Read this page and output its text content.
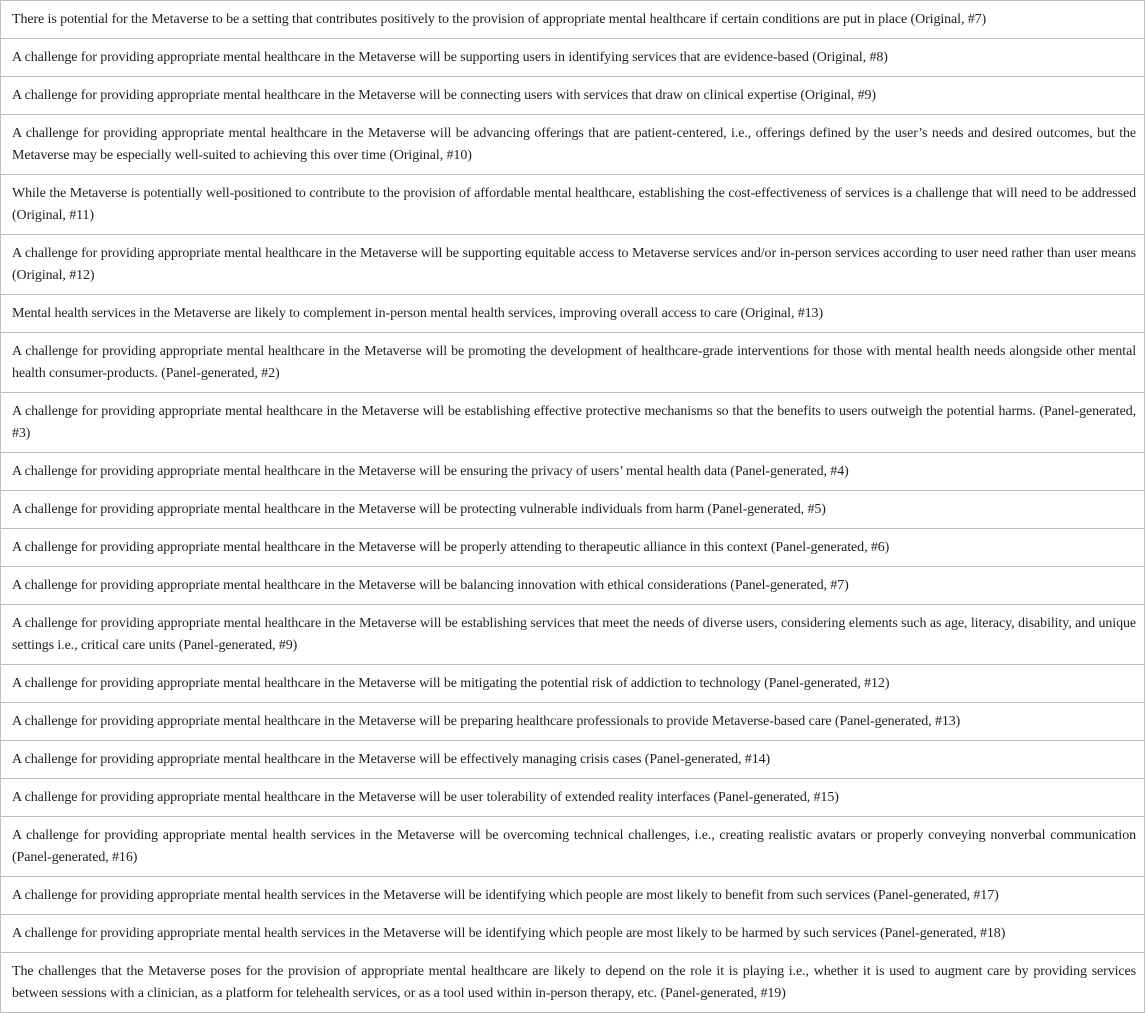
There is potential for the Metaverse to be a setting that contributes positively to the provision of appropriate mental healthcare if certain conditions are put in place (Original, #7)
A challenge for providing appropriate mental healthcare in the Metaverse will be supporting users in identifying services that are evidence-based (Original, #8)
A challenge for providing appropriate mental healthcare in the Metaverse will be connecting users with services that draw on clinical expertise (Original, #9)
A challenge for providing appropriate mental healthcare in the Metaverse will be advancing offerings that are patient-centered, i.e., offerings defined by the user’s needs and desired outcomes, but the Metaverse may be especially well-suited to achieving this over time (Original, #10)
While the Metaverse is potentially well-positioned to contribute to the provision of affordable mental healthcare, establishing the cost-effectiveness of services is a challenge that will need to be addressed (Original, #11)
A challenge for providing appropriate mental healthcare in the Metaverse will be supporting equitable access to Metaverse services and/or in-person services according to user need rather than user means (Original, #12)
Mental health services in the Metaverse are likely to complement in-person mental health services, improving overall access to care (Original, #13)
A challenge for providing appropriate mental healthcare in the Metaverse will be promoting the development of healthcare-grade interventions for those with mental health needs alongside other mental health consumer-products. (Panel-generated, #2)
A challenge for providing appropriate mental healthcare in the Metaverse will be establishing effective protective mechanisms so that the benefits to users outweigh the potential harms. (Panel-generated, #3)
A challenge for providing appropriate mental healthcare in the Metaverse will be ensuring the privacy of users’ mental health data (Panel-generated, #4)
A challenge for providing appropriate mental healthcare in the Metaverse will be protecting vulnerable individuals from harm (Panel-generated, #5)
A challenge for providing appropriate mental healthcare in the Metaverse will be properly attending to therapeutic alliance in this context (Panel-generated, #6)
A challenge for providing appropriate mental healthcare in the Metaverse will be balancing innovation with ethical considerations (Panel-generated, #7)
A challenge for providing appropriate mental healthcare in the Metaverse will be establishing services that meet the needs of diverse users, considering elements such as age, literacy, disability, and unique settings i.e., critical care units (Panel-generated, #9)
A challenge for providing appropriate mental healthcare in the Metaverse will be mitigating the potential risk of addiction to technology (Panel-generated, #12)
A challenge for providing appropriate mental healthcare in the Metaverse will be preparing healthcare professionals to provide Metaverse-based care (Panel-generated, #13)
A challenge for providing appropriate mental healthcare in the Metaverse will be effectively managing crisis cases (Panel-generated, #14)
A challenge for providing appropriate mental healthcare in the Metaverse will be user tolerability of extended reality interfaces (Panel-generated, #15)
A challenge for providing appropriate mental health services in the Metaverse will be overcoming technical challenges, i.e., creating realistic avatars or properly conveying nonverbal communication (Panel-generated, #16)
A challenge for providing appropriate mental health services in the Metaverse will be identifying which people are most likely to benefit from such services (Panel-generated, #17)
A challenge for providing appropriate mental health services in the Metaverse will be identifying which people are most likely to be harmed by such services (Panel-generated, #18)
The challenges that the Metaverse poses for the provision of appropriate mental healthcare are likely to depend on the role it is playing i.e., whether it is used to augment care by providing services between sessions with a clinician, as a platform for telehealth services, or as a tool used within in-person therapy, etc. (Panel-generated, #19)
